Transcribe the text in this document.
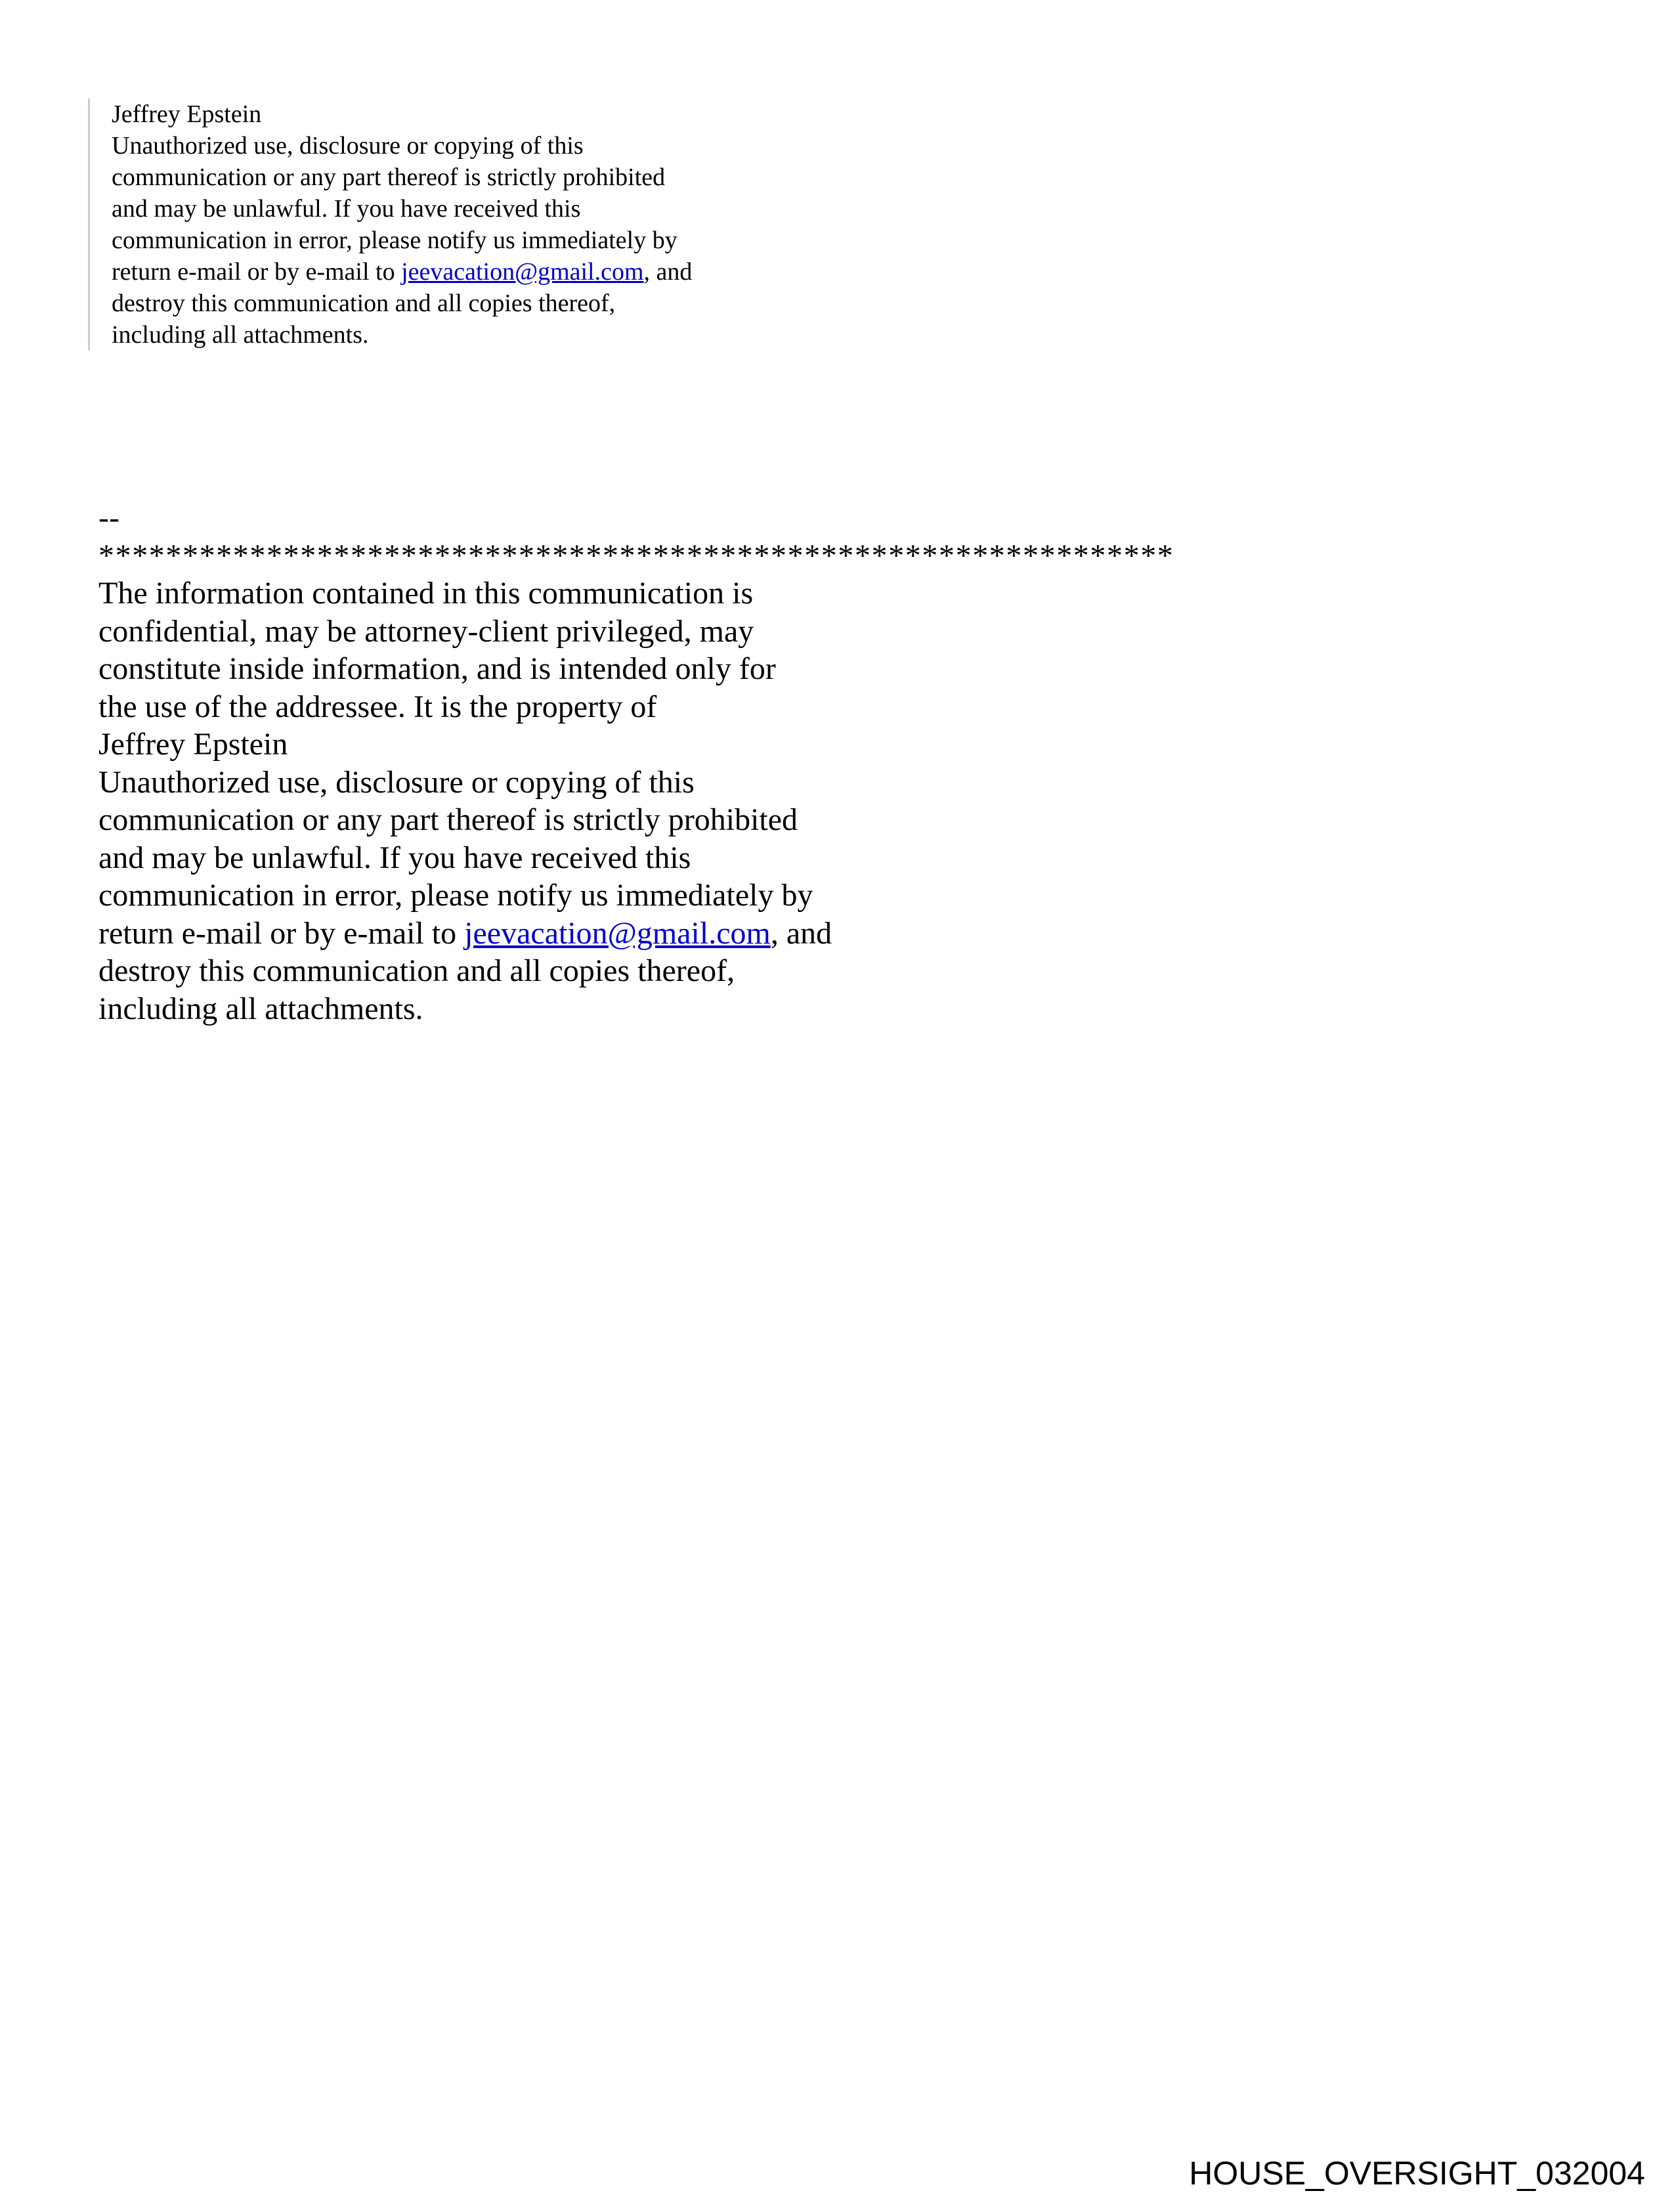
Jeffrey Epstein
Unauthorized use, disclosure or copying of this
communication or any part thereof is strictly prohibited
and may be unlawful. If you have received this
communication in error, please notify us immediately by
return e-mail or by e-mail to jeevacation@gmail.com, and
destroy this communication and all copies thereof,
including all attachments.
--
****************************************************************
The information contained in this communication is
confidential, may be attorney-client privileged, may
constitute inside information, and is intended only for
the use of the addressee. It is the property of
Jeffrey Epstein
Unauthorized use, disclosure or copying of this
communication or any part thereof is strictly prohibited
and may be unlawful. If you have received this
communication in error, please notify us immediately by
return e-mail or by e-mail to jeevacation@gmail.com, and
destroy this communication and all copies thereof,
including all attachments.
HOUSE_OVERSIGHT_032004
